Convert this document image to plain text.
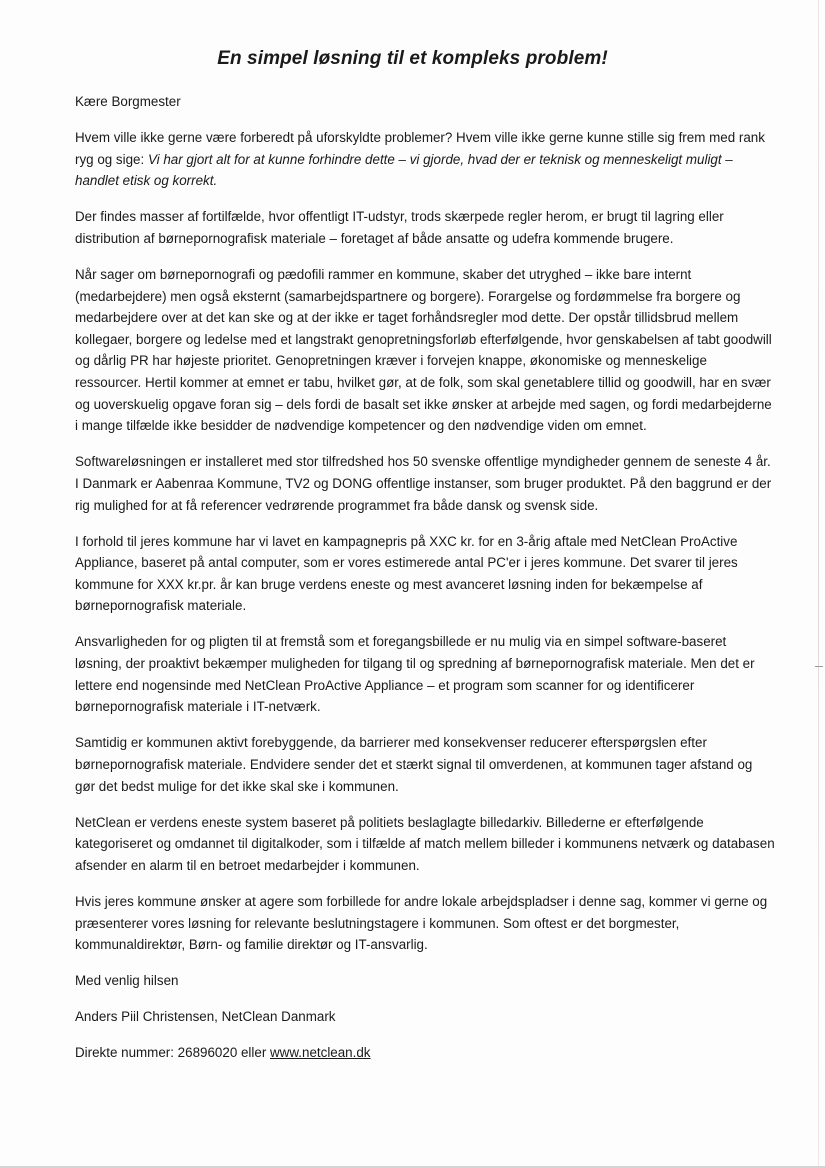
En simpel løsning til et kompleks problem!

Kære Borgmester

Hvem ville ikke gerne være forberedt på uforskyldte problemer? Hvem ville ikke gerne kunne stille sig frem med rank ryg og sige: Vi har gjort alt for at kunne forhindre dette – vi gjorde, hvad der er teknisk og menneskeligt muligt – handlet etisk og korrekt.

Der findes masser af fortilfælde, hvor offentligt IT-udstyr, trods skærpede regler herom, er brugt til lagring eller distribution af børnepornografisk materiale – foretaget af både ansatte og udefra kommende brugere.

Når sager om børnepornografi og pædofili rammer en kommune, skaber det utryghed – ikke bare internt (medarbejdere) men også eksternt (samarbejdspartnere og borgere). Forargelse og fordømmelse fra borgere og medarbejdere over at det kan ske og at der ikke er taget forhåndsregler mod dette. Der opstår tillidsbrud mellem kollegaer, borgere og ledelse med et langstrakt genopretningsforløb efterfølgende, hvor genskabelsen af tabt goodwill og dårlig PR har højeste prioritet. Genopretningen kræver i forvejen knappe, økonomiske og menneskelige ressourcer. Hertil kommer at emnet er tabu, hvilket gør, at de folk, som skal genetablere tillid og goodwill, har en svær og uoverskuelig opgave foran sig – dels fordi de basalt set ikke ønsker at arbejde med sagen, og fordi medarbejderne i mange tilfælde ikke besidder de nødvendige kompetencer og den nødvendige viden om emnet.

Softwareløsningen er installeret med stor tilfredshed hos 50 svenske offentlige myndigheder gennem de seneste 4 år. I Danmark er Aabenraa Kommune, TV2 og DONG offentlige instanser, som bruger produktet. På den baggrund er der rig mulighed for at få referencer vedrørende programmet fra både dansk og svensk side.

I forhold til jeres kommune har vi lavet en kampagnepris på XXC kr. for en 3-årig aftale med NetClean ProActive Appliance, baseret på antal computer, som er vores estimerede antal PC'er i jeres kommune. Det svarer til jeres kommune for XXX kr.pr. år kan bruge verdens eneste og mest avanceret løsning inden for bekæmpelse af børnepornografisk materiale.

Ansvarligheden for og pligten til at fremstå som et foregangsbillede er nu mulig via en simpel software-baseret løsning, der proaktivt bekæmper muligheden for tilgang til og spredning af børnepornografisk materiale. Men det er lettere end nogensinde med NetClean ProActive Appliance – et program som scanner for og identificerer børnepornografisk materiale i IT-netværk.

Samtidig er kommunen aktivt forebyggende, da barrierer med konsekvenser reducerer efterspørgslen efter børnepornografisk materiale. Endvidere sender det et stærkt signal til omverdenen, at kommunen tager afstand og gør det bedst mulige for det ikke skal ske i kommunen.

NetClean er verdens eneste system baseret på politiets beslaglagte billedarkiv. Billederne er efterfølgende kategoriseret og omdannet til digitalkoder, som i tilfælde af match mellem billeder i kommunens netværk og databasen afsender en alarm til en betroet medarbejder i kommunen.

Hvis jeres kommune ønsker at agere som forbillede for andre lokale arbejdspladser i denne sag, kommer vi gerne og præsenterer vores løsning for relevante beslutningstagere i kommunen. Som oftest er det borgmester, kommunaldirektør, Børn- og familie direktør og IT-ansvarlig.

Med venlig hilsen

Anders Piil Christensen, NetClean Danmark

Direkte nummer: 26896020 eller www.netclean.dk
